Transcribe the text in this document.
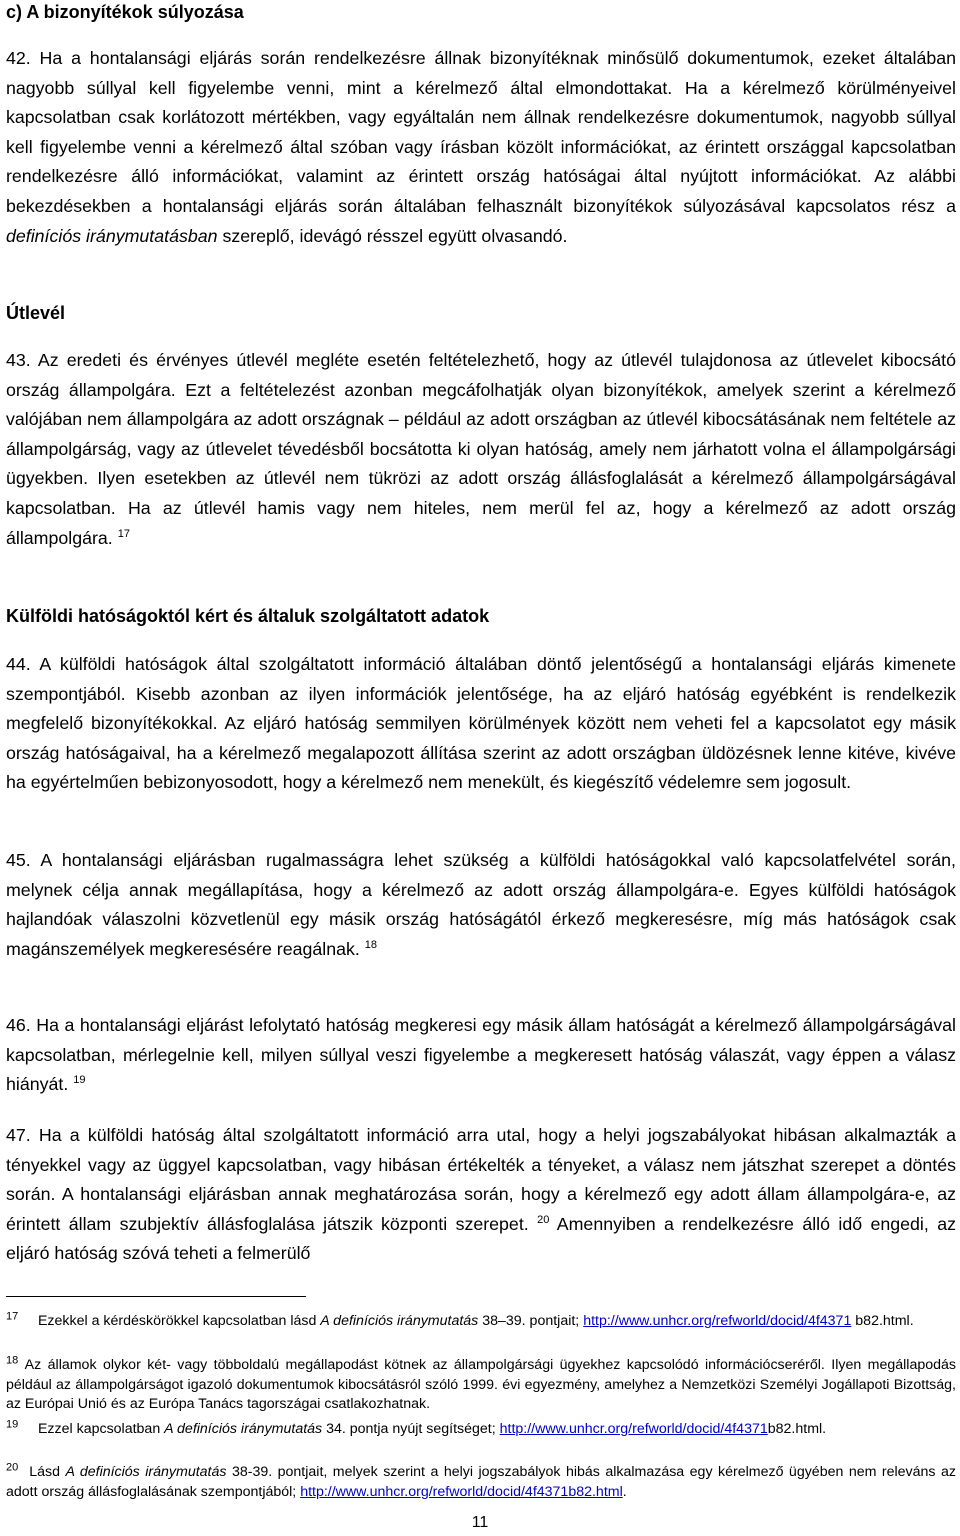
c) A bizonyítékok súlyozása
42. Ha a hontalansági eljárás során rendelkezésre állnak bizonyítéknak minősülő dokumentumok, ezeket általában nagyobb súllyal kell figyelembe venni, mint a kérelmező által elmondottakat. Ha a kérelmező körülményeivel kapcsolatban csak korlátozott mértékben, vagy egyáltalán nem állnak rendelkezésre dokumentumok, nagyobb súllyal kell figyelembe venni a kérelmező által szóban vagy írásban közölt információkat, az érintett országgal kapcsolatban rendelkezésre álló információkat, valamint az érintett ország hatóságai által nyújtott információkat. Az alábbi bekezdésekben a hontalansági eljárás során általában felhasznált bizonyítékok súlyozásával kapcsolatos rész a definíciós iránymutatásban szereplő, idevágó résszel együtt olvasandó.
Útlevél
43. Az eredeti és érvényes útlevél megléte esetén feltételezhető, hogy az útlevél tulajdonosa az útlevelet kibocsátó ország állampolgára. Ezt a feltételezést azonban megcáfolhatják olyan bizonyítékok, amelyek szerint a kérelmező valójában nem állampolgára az adott országnak – például az adott országban az útlevél kibocsátásának nem feltétele az állampolgárság, vagy az útlevelet tévedésből bocsátotta ki olyan hatóság, amely nem járhatott volna el állampolgársági ügyekben. Ilyen esetekben az útlevél nem tükrözi az adott ország állásfoglalását a kérelmező állampolgárságával kapcsolatban. Ha az útlevél hamis vagy nem hiteles, nem merül fel az, hogy a kérelmező az adott ország állampolgára. $^{17}$
Külföldi hatóságoktól kért és általuk szolgáltatott adatok
44. A külföldi hatóságok által szolgáltatott információ általában döntő jelentőségű a hontalansági eljárás kimenete szempontjából. Kisebb azonban az ilyen információk jelentősége, ha az eljáró hatóság egyébként is rendelkezik megfelelő bizonyítékokkal. Az eljáró hatóság semmilyen körülmények között nem veheti fel a kapcsolatot egy másik ország hatóságaival, ha a kérelmező megalapozott állítása szerint az adott országban üldözésnek lenne kitéve, kivéve ha egyértelműen bebizonyosodott, hogy a kérelmező nem menekült, és kiegészítő védelemre sem jogosult.
45. A hontalansági eljárásban rugalmasságra lehet szükség a külföldi hatóságokkal való kapcsolatfelvétel során, melynek célja annak megállapítása, hogy a kérelmező az adott ország állampolgára-e. Egyes külföldi hatóságok hajlandóak válaszolni közvetlenül egy másik ország hatóságától érkező megkeresésre, míg más hatóságok csak magánszemélyek megkeresésére reagálnak. $^{18}$
46. Ha a hontalansági eljárást lefolytató hatóság megkeresi egy másik állam hatóságát a kérelmező állampolgárságával kapcsolatban, mérlegelnie kell, milyen súllyal veszi figyelembe a megkeresett hatóság válaszát, vagy éppen a válasz hiányát. $^{19}$
47. Ha a külföldi hatóság által szolgáltatott információ arra utal, hogy a helyi jogszabályokat hibásan alkalmazták a tényekkel vagy az üggyel kapcsolatban, vagy hibásan értékelték a tényeket, a válasz nem játszhat szerepet a döntés során. A hontalansági eljárásban annak meghatározása során, hogy a kérelmező egy adott állam állampolgára-e, az érintett állam szubjektív állásfoglalása játszik központi szerepet. $^{20}$ Amennyiben a rendelkezésre álló idő engedi, az eljáró hatóság szóvá teheti a felmerülő
$^{17}$ Ezekkel a kérdéskörökkel kapcsolatban lásd A definíciós iránymutatás 38–39. pontjait; http://www.unhcr.org/refworld/docid/4f4371 b82.html.
$^{18}$ Az államok olykor két- vagy többoldalú megállapodást kötnek az állampolgársági ügyekhez kapcsolódó információcseréről. Ilyen megállapodás például az állampolgárságot igazoló dokumentumok kibocsátásról szóló 1999. évi egyezmény, amelyhez a Nemzetközi Személyi Jogállapoti Bizottság, az Európai Unió és az Európa Tanács tagországai csatlakozhatnak.
$^{19}$ Ezzel kapcsolatban A definíciós iránymutatás 34. pontja nyújt segítséget; http://www.unhcr.org/refworld/docid/4f4371b82.html.
$^{20}$ Lásd A definíciós iránymutatás 38-39. pontjait, melyek szerint a helyi jogszabályok hibás alkalmazása egy kérelmező ügyében nem releváns az adott ország állásfoglalásának szempontjából; http://www.unhcr.org/refworld/docid/4f4371b82.html.
11
